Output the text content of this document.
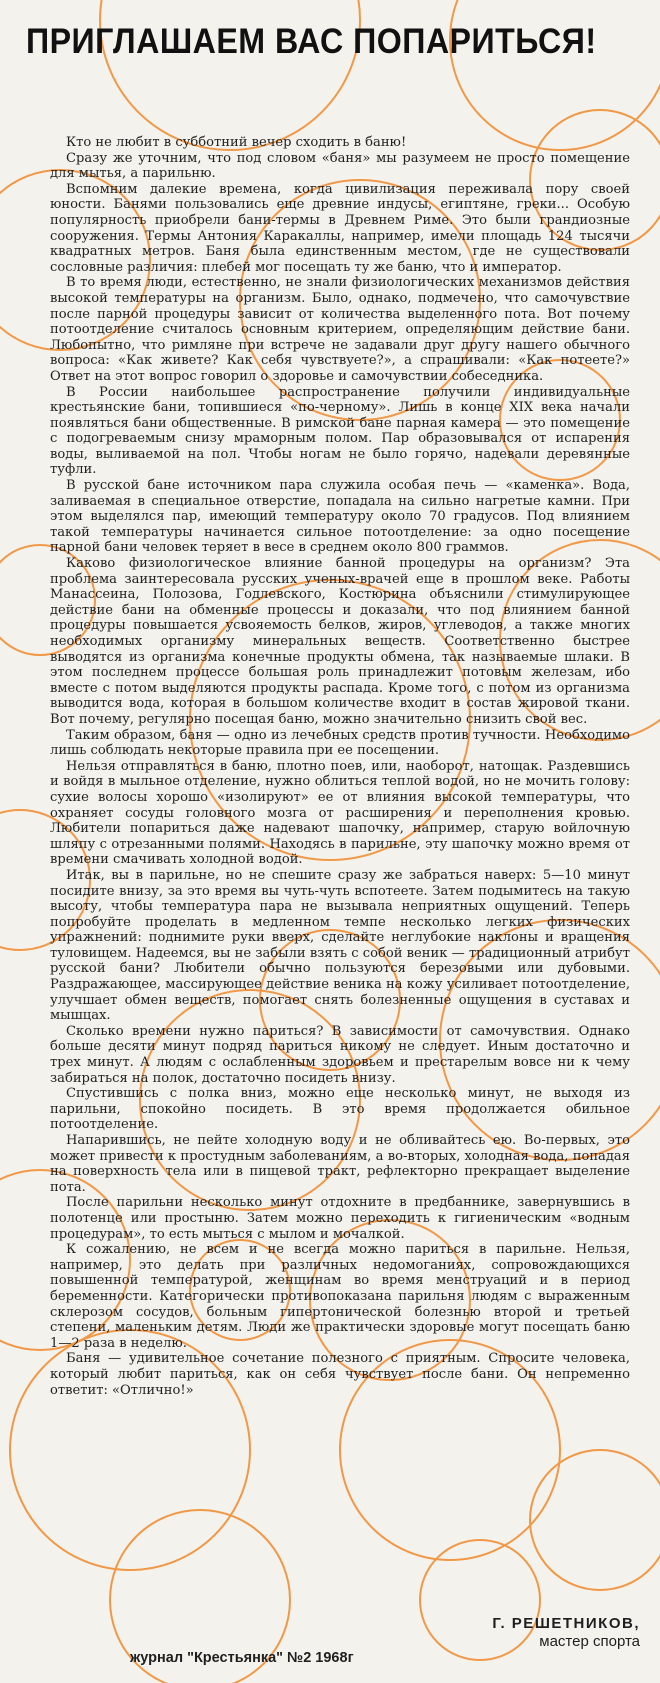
ПРИГЛАШАЕМ ВАС ПОПАРИТЬСЯ!

Кто не любит в субботний вечер сходить в баню!

Сразу же уточним, что под словом «баня» мы разумеем не просто помещение для мытья, а парильню.

Вспомним далекие времена, когда цивилизация переживала пору своей юности. Банями пользовались еще древние индусы, египтяне, греки... Особую популярность приобрели бани-термы в Древнем Риме. Это были грандиозные сооружения. Термы Антония Каракаллы, например, имели площадь 124 тысячи квадратных метров. Баня была единственным местом, где не существовали сословные различия: плебей мог посещать ту же баню, что и император.

В то время люди, естественно, не знали физиологических механизмов действия высокой температуры на организм. Было, однако, подмечено, что самочувствие после парной процедуры зависит от количества выделенного пота. Вот почему потоотделение считалось основным критерием, определяющим действие бани. Любопытно, что римляне при встрече не задавали друг другу нашего обычного вопроса: «Как живете? Как себя чувствуете?», а спрашивали: «Как потеете?» Ответ на этот вопрос говорил о здоровье и самочувствии собеседника.

В России наибольшее распространение получили индивидуальные крестьянские бани, топившиеся «по-черному». Лишь в конце XIX века начали появляться бани общественные. В римской бане парная камера — это помещение с подогреваемым снизу мраморным полом. Пар образовывался от испарения воды, выливаемой на пол. Чтобы ногам не было горячо, надевали деревянные туфли.

В русской бане источником пара служила особая печь — «каменка». Вода, заливаемая в специальное отверстие, попадала на сильно нагретые камни. При этом выделялся пар, имеющий температуру около 70 градусов. Под влиянием такой температуры начинается сильное потоотделение: за одно посещение парной бани человек теряет в весе в среднем около 800 граммов.

Каково физиологическое влияние банной процедуры на организм? Эта проблема заинтересовала русских ученых-врачей еще в прошлом веке. Работы Манассеина, Полозова, Годлевского, Костюрина объяснили стимулирующее действие бани на обменные процессы и доказали, что под влиянием банной процедуры повышается усвояемость белков, жиров, углеводов, а также многих необходимых организму минеральных веществ. Соответственно быстрее выводятся из организма конечные продукты обмена, так называемые шлаки. В этом последнем процессе большая роль принадлежит потовым железам, ибо вместе с потом выделяются продукты распада. Кроме того, с потом из организма выводится вода, которая в большом количестве входит в состав жировой ткани. Вот почему, регулярно посещая баню, можно значительно снизить свой вес.

Таким образом, баня — одно из лечебных средств против тучности. Необходимо лишь соблюдать некоторые правила при ее посещении.

Нельзя отправляться в баню, плотно поев, или, наоборот, натощак. Раздевшись и войдя в мыльное отделение, нужно облиться теплой водой, но не мочить голову: сухие волосы хорошо «изолируют» ее от влияния высокой температуры, что охраняет сосуды головного мозга от расширения и переполнения кровью. Любители попариться даже надевают шапочку, например, старую войлочную шляпу с отрезанными полями. Находясь в парильне, эту шапочку можно время от времени смачивать холодной водой.

Итак, вы в парильне, но не спешите сразу же забраться наверх: 5—10 минут посидите внизу, за это время вы чуть-чуть вспотеете. Затем подымитесь на такую высоту, чтобы температура пара не вызывала неприятных ощущений. Теперь попробуйте проделать в медленном темпе несколько легких физических упражнений: поднимите руки вверх, сделайте неглубокие наклоны и вращения туловищем. Надеемся, вы не забыли взять с собой веник — традиционный атрибут русской бани? Любители обычно пользуются березовыми или дубовыми. Раздражающее, массирующее действие веника на кожу усиливает потоотделение, улучшает обмен веществ, помогает снять болезненные ощущения в суставах и мышцах.

Сколько времени нужно париться? В зависимости от самочувствия. Однако больше десяти минут подряд париться никому не следует. Иным достаточно и трех минут. А людям с ослабленным здоровьем и престарелым вовсе ни к чему забираться на полок, достаточно посидеть внизу.

Спустившись с полка вниз, можно еще несколько минут, не выходя из парильни, спокойно посидеть. В это время продолжается обильное потоотделение.

Напарившись, не пейте холодную воду и не обливайтесь ею. Во-первых, это может привести к простудным заболеваниям, а во-вторых, холодная вода, попадая на поверхность тела или в пищевой тракт, рефлекторно прекращает выделение пота.

После парильни несколько минут отдохните в предбаннике, завернувшись в полотенце или простыню. Затем можно переходить к гигиеническим «водным процедурам», то есть мыться с мылом и мочалкой.

К сожалению, не всем и не всегда можно париться в парильне. Нельзя, например, это делать при различных недомоганиях, сопровождающихся повышенной температурой, женщинам во время менструаций и в период беременности. Категорически противопоказана парильня людям с выраженным склерозом сосудов, больным гипертонической болезнью второй и третьей степени, маленьким детям. Люди же практически здоровые могут посещать баню 1—2 раза в неделю.

Баня — удивительное сочетание полезного с приятным. Спросите человека, который любит париться, как он себя чувствует после бани. Он непременно ответит: «Отлично!»

Г. РЕШЕТНИКОВ,
мастер спорта
журнал "Крестьянка" №2 1968г
